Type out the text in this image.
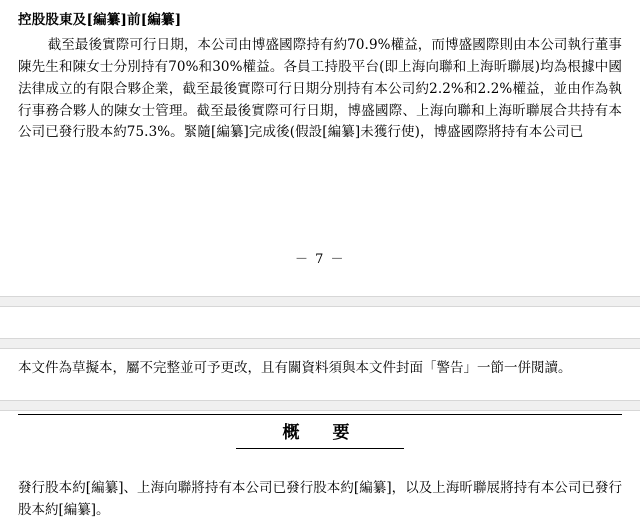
控股股東及[編纂]前[編纂]

截至最後實際可行日期，本公司由博盛國際持有約70.9%權益，而博盛國際則由本公司執行董事陳先生和陳女士分別持有70%和30%權益。各員工持股平台(即上海向聯和上海昕聯展)均為根據中國法律成立的有限合夥企業，截至最後實際可行日期分別持有本公司約2.2%和2.2%權益，並由作為執行事務合夥人的陳女士管理。截至最後實際可行日期，博盛國際、上海向聯和上海昕聯展合共持有本公司已發行股本約75.3%。緊隨[編纂]完成後(假設[編纂]未獲行使)，博盛國際將持有本公司已

－ 7 －

本文件為草擬本，屬不完整並可予更改，且有關資料須與本文件封面「警告」一節一併閱讀。

概　要

發行股本約[編纂]、上海向聯將持有本公司已發行股本約[編纂]，以及上海昕聯展將持有本公司已發行股本約[編纂]。
